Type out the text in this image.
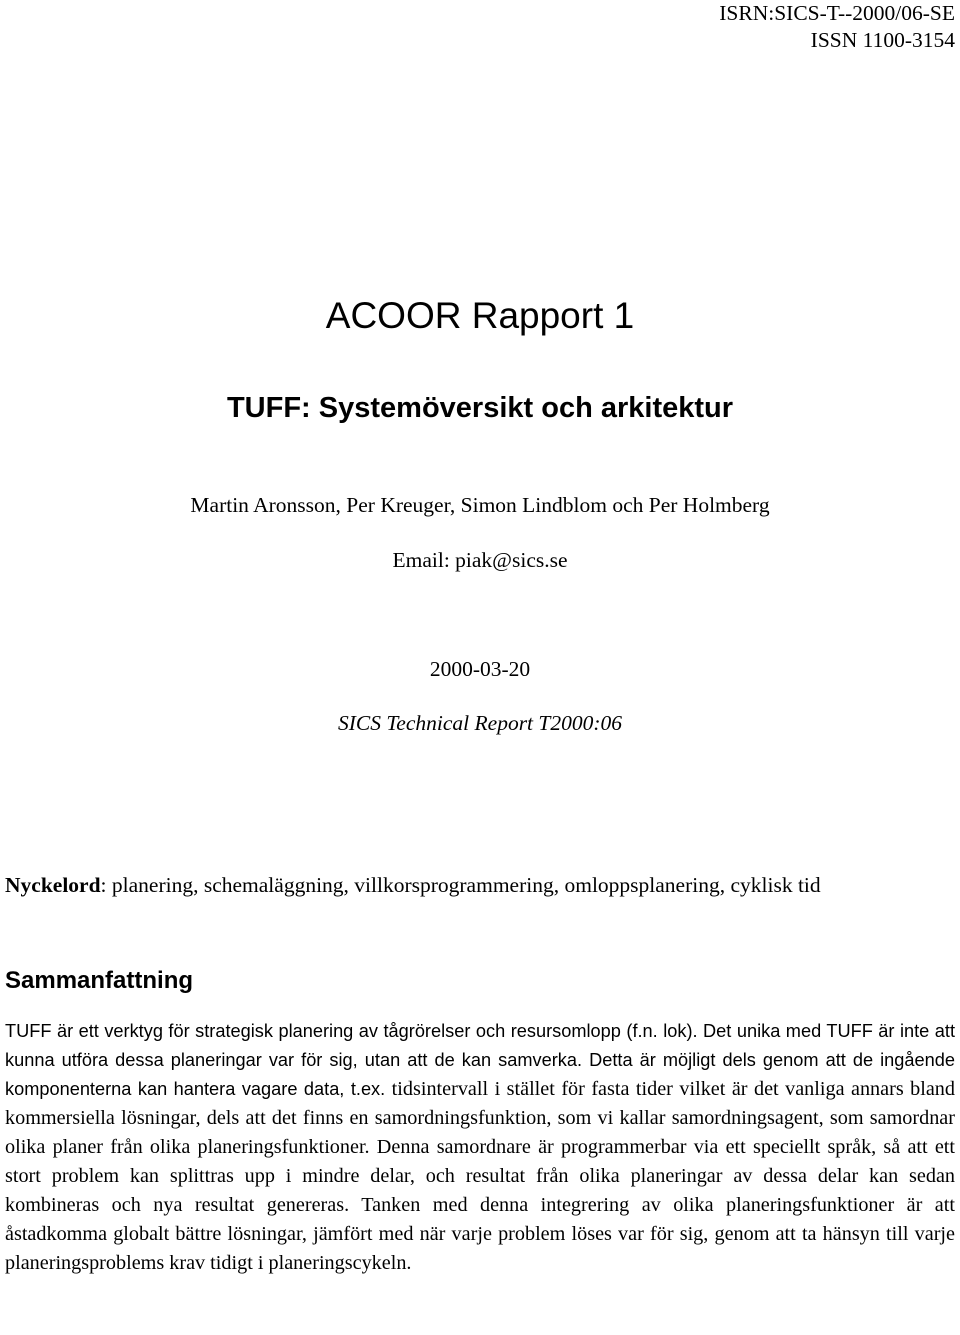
ISRN:SICS-T--2000/06-SE
ISSN 1100-3154
ACOOR Rapport 1
TUFF: Systemöversikt och arkitektur
Martin Aronsson, Per Kreuger, Simon Lindblom och Per Holmberg
Email: piak@sics.se
2000-03-20
SICS Technical Report T2000:06
Nyckelord: planering, schemaläggning, villkorsprogrammering, omloppsplanering, cyklisk tid
Sammanfattning

TUFF är ett verktyg för strategisk planering av tågrörelser och resursomlopp (f.n. lok). Det unika med TUFF är inte att kunna utföra dessa planeringar var för sig, utan att de kan samverka. Detta är möjligt dels genom att de ingående komponenterna kan hantera vagare data, t.ex. tidsintervall i stället för fasta tider vilket är det vanliga annars bland kommersiella lösningar, dels att det finns en samordningsfunktion, som vi kallar samordningsagent, som samordnar olika planer från olika planeringsfunktioner. Denna samordnare är programmerbar via ett speciellt språk, så att ett stort problem kan splittras upp i mindre delar, och resultat från olika planeringar av dessa delar kan sedan kombineras och nya resultat genereras. Tanken med denna integrering av olika planeringsfunktioner är att åstadkomma globalt bättre lösningar, jämfört med när varje problem löses var för sig, genom att ta hänsyn till varje planeringsproblems krav tidigt i planeringscykeln.
